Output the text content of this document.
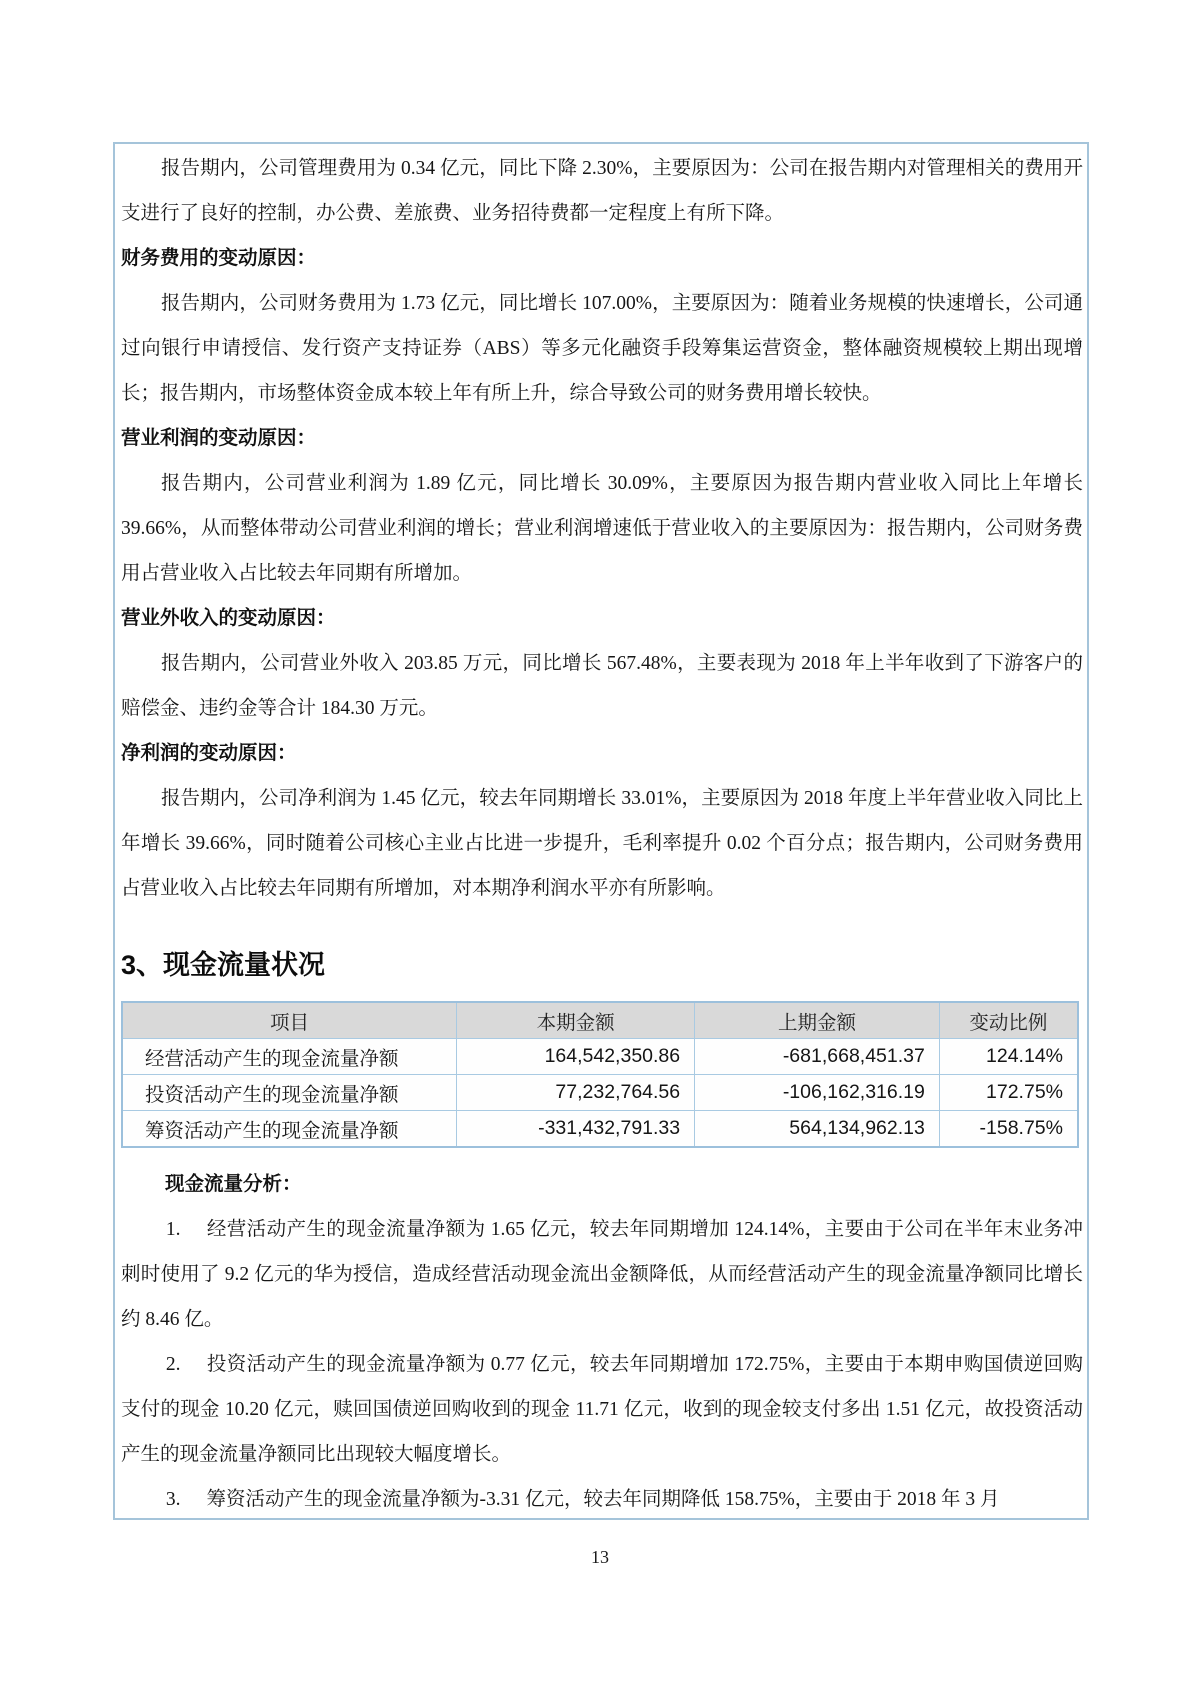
报告期内，公司管理费用为 0.34 亿元，同比下降 2.30%，主要原因为：公司在报告期内对管理相关的费用开支进行了良好的控制，办公费、差旅费、业务招待费都一定程度上有所下降。

财务费用的变动原因：

报告期内，公司财务费用为 1.73 亿元，同比增长 107.00%，主要原因为：随着业务规模的快速增长，公司通过向银行申请授信、发行资产支持证券（ABS）等多元化融资手段筹集运营资金，整体融资规模较上期出现增长；报告期内，市场整体资金成本较上年有所上升，综合导致公司的财务费用增长较快。

营业利润的变动原因：

报告期内，公司营业利润为 1.89 亿元，同比增长 30.09%，主要原因为报告期内营业收入同比上年增长 39.66%，从而整体带动公司营业利润的增长；营业利润增速低于营业收入的主要原因为：报告期内，公司财务费用占营业收入占比较去年同期有所增加。

营业外收入的变动原因：

报告期内，公司营业外收入 203.85 万元，同比增长 567.48%，主要表现为 2018 年上半年收到了下游客户的赔偿金、违约金等合计 184.30 万元。

净利润的变动原因：

报告期内，公司净利润为 1.45 亿元，较去年同期增长 33.01%，主要原因为 2018 年度上半年营业收入同比上年增长 39.66%，同时随着公司核心主业占比进一步提升，毛利率提升 0.02 个百分点；报告期内，公司财务费用占营业收入占比较去年同期有所增加，对本期净利润水平亦有所影响。

3、现金流量状况
项目	本期金额	上期金额	变动比例
经营活动产生的现金流量净额	164,542,350.86	-681,668,451.37	124.14%
投资活动产生的现金流量净额	77,232,764.56	-106,162,316.19	172.75%
筹资活动产生的现金流量净额	-331,432,791.33	564,134,962.13	-158.75%

现金流量分析：

1. 经营活动产生的现金流量净额为 1.65 亿元，较去年同期增加 124.14%，主要由于公司在半年末业务冲刺时使用了 9.2 亿元的华为授信，造成经营活动现金流出金额降低，从而经营活动产生的现金流量净额同比增长约 8.46 亿。

2. 投资活动产生的现金流量净额为 0.77 亿元，较去年同期增加 172.75%，主要由于本期申购国债逆回购支付的现金 10.20 亿元，赎回国债逆回购收到的现金 11.71 亿元，收到的现金较支付多出 1.51 亿元，故投资活动产生的现金流量净额同比出现较大幅度增长。

3. 筹资活动产生的现金流量净额为-3.31 亿元，较去年同期降低 158.75%，主要由于 2018 年 3 月

13
